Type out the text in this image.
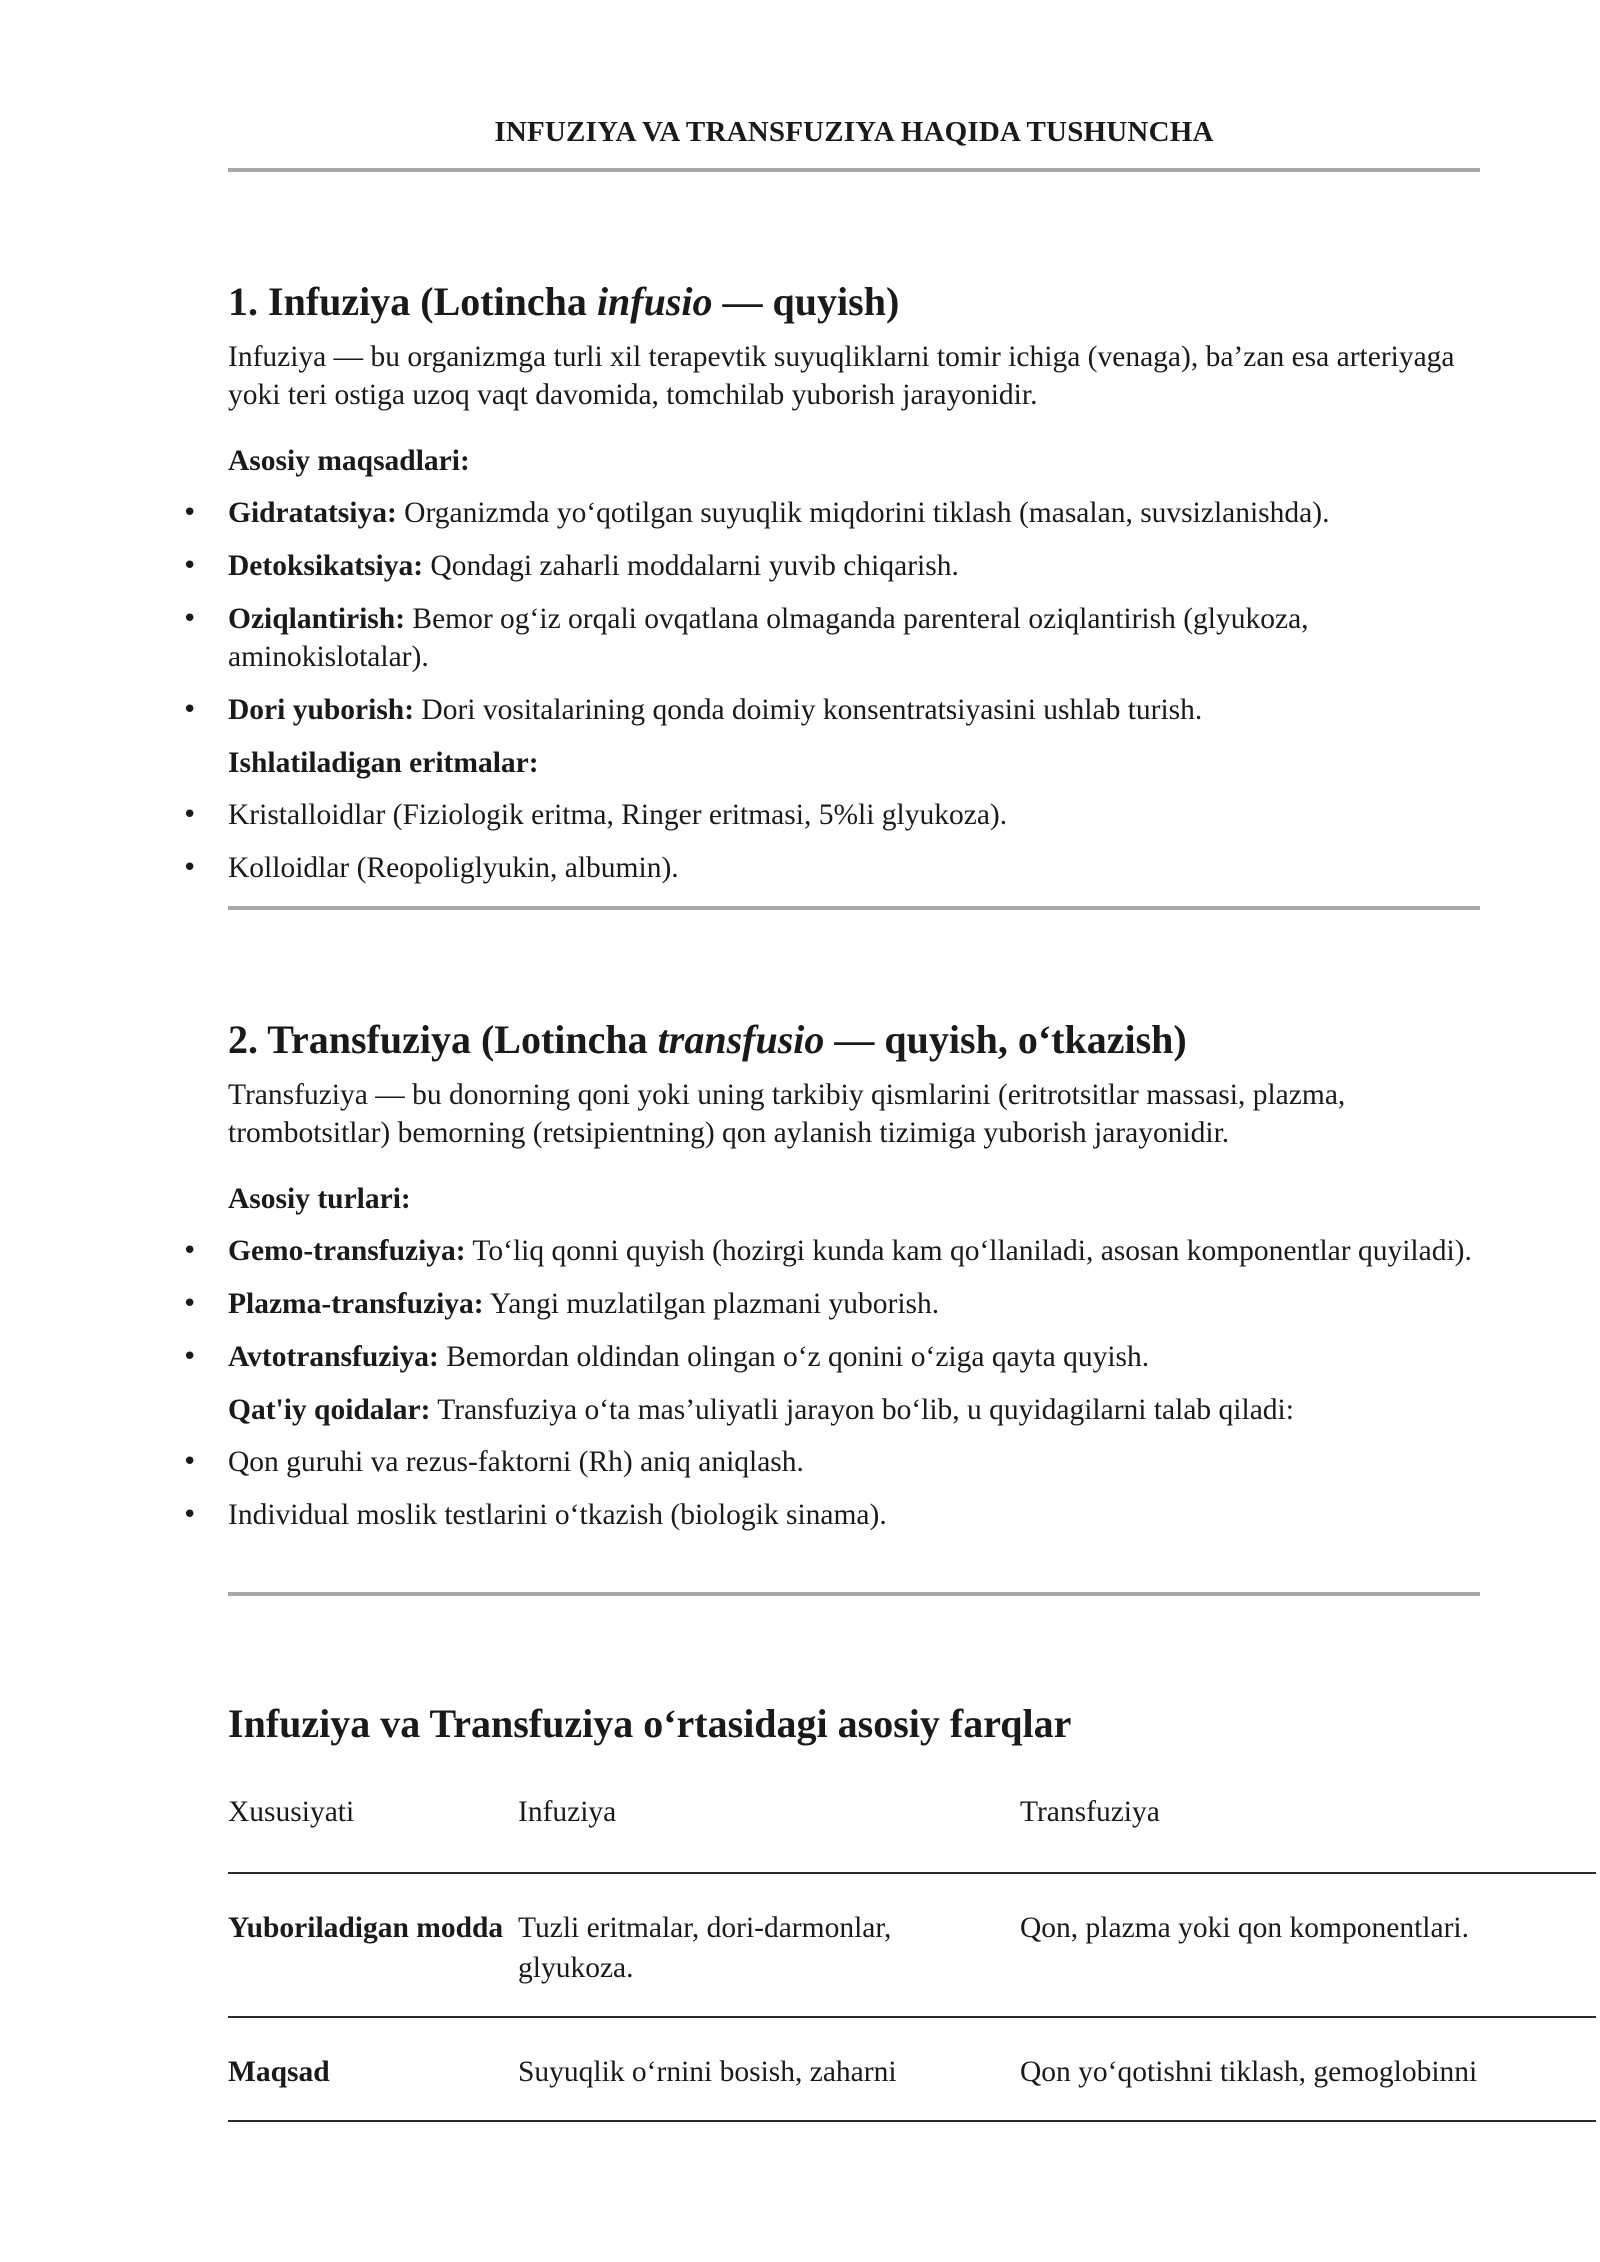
INFUZIYA VA TRANSFUZIYA HAQIDA TUSHUNCHA
1. Infuziya (Lotincha infusio — quyish)

Infuziya — bu organizmga turli xil terapevtik suyuqliklarni tomir ichiga (venaga), ba’zan esa arteriyaga yoki teri ostiga uzoq vaqt davomida, tomchilab yuborish jarayonidir.

Asosiy maqsadlari:
• Gidratatsiya: Organizmda yo‘qotilgan suyuqlik miqdorini tiklash (masalan, suvsizlanishda).
• Detoksikatsiya: Qondagi zaharli moddalarni yuvib chiqarish.
• Oziqlantirish: Bemor og‘iz orqali ovqatlana olmaganda parenteral oziqlantirish (glyukoza, aminokislotalar).
• Dori yuborish: Dori vositalarining qonda doimiy konsentratsiyasini ushlab turish.
Ishlatiladigan eritmalar:
• Kristalloidlar (Fiziologik eritma, Ringer eritmasi, 5%li glyukoza).
• Kolloidlar (Reopoliglyukin, albumin).
2. Transfuziya (Lotincha transfusio — quyish, o‘tkazish)

Transfuziya — bu donorning qoni yoki uning tarkibiy qismlarini (eritrotsitlar massasi, plazma, trombotsitlar) bemorning (retsipientning) qon aylanish tizimiga yuborish jarayonidir.

Asosiy turlari:
• Gemo-transfuziya: To‘liq qonni quyish (hozirgi kunda kam qo‘llaniladi, asosan komponentlar quyiladi).
• Plazma-transfuziya: Yangi muzlatilgan plazmani yuborish.
• Avtotransfuziya: Bemordan oldindan olingan o‘z qonini o‘ziga qayta quyish.
Qat'iy qoidalar: Transfuziya o‘ta mas’uliyatli jarayon bo‘lib, u quyidagilarni talab qiladi:
• Qon guruhi va rezus-faktorni (Rh) aniq aniqlash.
• Individual moslik testlarini o‘tkazish (biologik sinama).
Infuziya va Transfuziya o‘rtasidagi asosiy farqlar
Xususiyati	Infuziya	Transfuziya
Yuboriladigan modda	Tuzli eritmalar, dori-darmonlar, glyukoza.	Qon, plazma yoki qon komponentlari.
Maqsad	Suyuqlik o‘rnini bosish, zaharni	Qon yo‘qotishni tiklash, gemoglobinni
